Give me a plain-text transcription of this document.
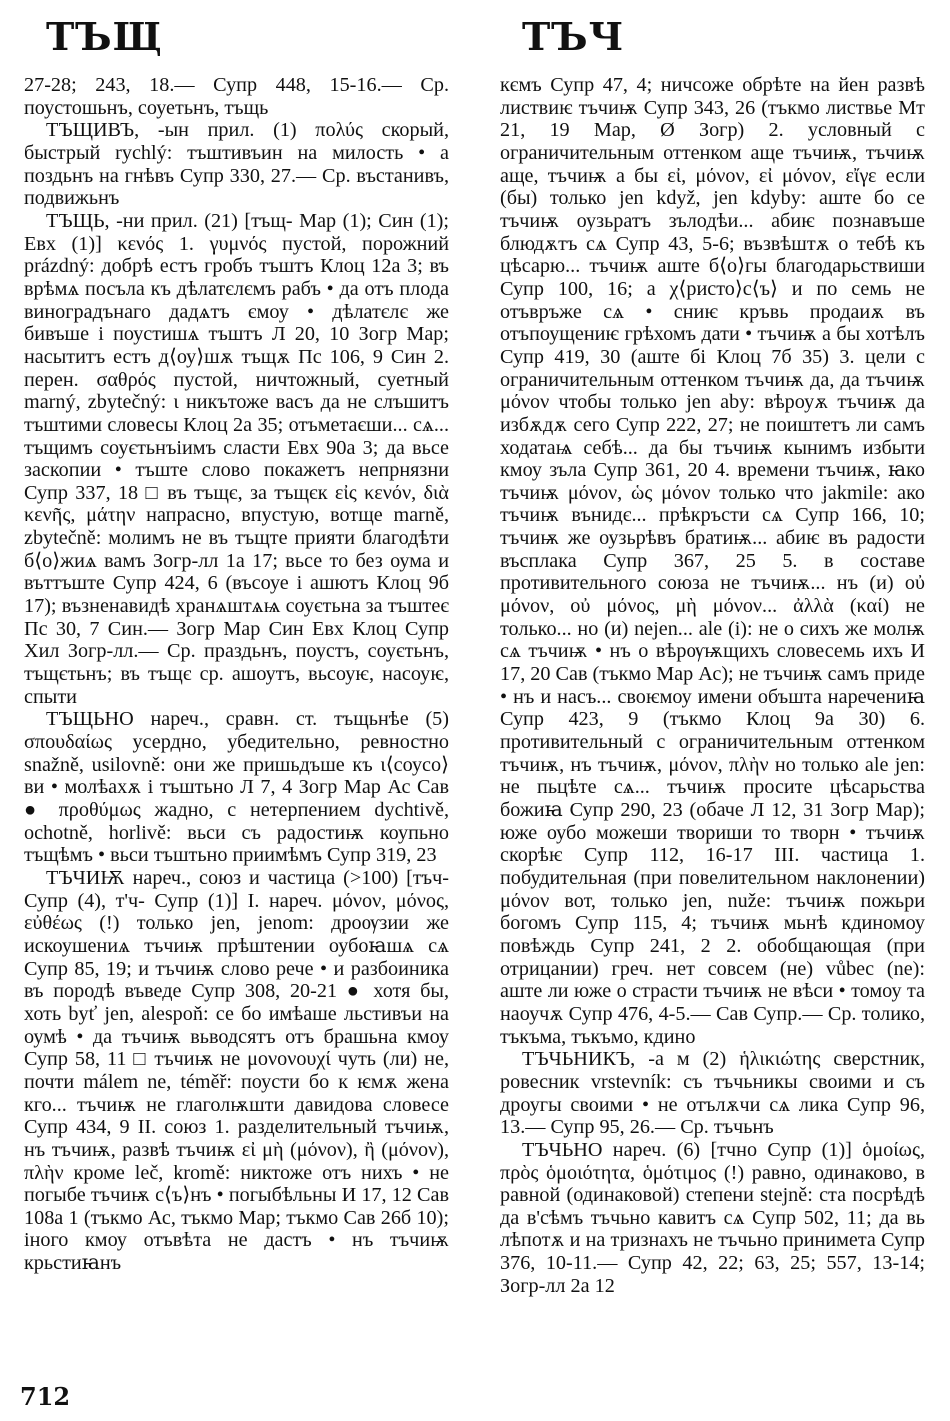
ТЪЩ	ТЪЧ

27-28; 243, 18.— Супр 448, 15-16.— Ср. поустошьнъ, соуетьнъ, тъщь

ТЪЩИВЪ, -ын прил. (1) πολύς скорый, быстрый rychlý: тъштивъин на милость • а поздьнъ на гнѣвъ Супр 330, 27.— Ср. въстанивъ, подвижьнъ

ТЪЩЬ, -ни прил. (21) [тъщ- Мар (1); Син (1); Евх (1)] κενός 1. γυμνός пустой, порожний prázdný: добрѣ естъ гробъ тъштъ Клоц 12а 3; въ врѣмѧ посъла къ дѣлатєлємъ рабъ • да отъ плода виноградънаго дадѧтъ ємоу • дѣлатєлє же бивъше і поустишѧ тъштъ Л 20, 10 Зогр Мар; насытитъ естъ д⟨оу⟩шѫ тъщѫ Пс 106, 9 Син 2. перен. σαθρός пустой, ничтожный, суетный marný, zbytečný: ι никътоже васъ да не слъшитъ тъштими словесы Клоц 2а 35; отъметаєши... сѧ... тъщимъ соуєтьнъіимъ сласти Евх 90а 3; да вьсе заскопии • тъште слово покажетъ непрнязни Супр 337, 18 □ въ тъщє, за тъщєк εἰς κενόν, διὰ κενῆς, μάτην напрасно, впустую, вотще marně, zbytečně: молимъ не въ тъщте прияти благодѣти б⟨о⟩жиѧ вамъ Зогр-лл 1а 17; вьсе то без оума и въттъште Супр 424, 6 (въсоуе і ашютъ Клоц 9б 17); възненавидѣ хранѧштѧѩ соуєтьна за тъштеє Пс 30, 7 Син.— Зогр Мар Син Евх Клоц Супр Хил Зогр-лл.— Ср. праздьнъ, поустъ, соуєтьнъ, тъщєтьнъ; въ тъщє ср. ашоутъ, вьсоуѥ, насоуѥ, спыти

ТЪЩЬНО нареч., сравн. ст. тъщьнѣе (5) σπουδαίως усердно, убедительно, ревностно snažně, usilovně: они же пришьдъше къ ι⟨соусо⟩ви • молѣахѫ і тъштьно Л 7, 4 Зогр Мар Ас Сав ● προθύμως жадно, с нетерпением dychtivě, ochotně, horlivě: вьси съ радостиѭ коупьно тъщѣмъ • вьси тъштьно приимѣмъ Супр 319, 23

ТЪЧИѬ нареч., союз и частица (>100) [тъч- Супр (4), т'ч- Супр (1)] I. нареч. μόνον, μόνος, εὐθέως (!) только jen, jenom: дроѹзии же искоушениѧ тъчиѭ прѣштении оубоꙗшѧ сѧ Супр 85, 19; и тъчиѭ слово рече • и разбоиника въ породѣ въведе Супр 308, 20-21 ● хотя бы, хоть byť jen, alespoň: се бо имѣаше льстивъи на оумѣ • да тъчиѭ вьводсятъ отъ брашьна кмоу Супр 58, 11 □ тъчиѭ не μονονουχί чуть (ли) не, почти málem ne, téměř: поусти бо к ѥмѫ жена кго... тъчиѭ не глаголѭшти давидова словесе Супр 434, 9 II. союз 1. разделительный тъчиѭ, нъ тъчиѭ, развѣ тъчиѭ εἰ μὴ (μόνον), ἢ (μόνον), πλὴν кроме leč, kromě: никтоже отъ нихъ • не погыбе тъчиѭ с⟨ъ⟩нъ • погыбѣльны И 17, 12 Сав 108а 1 (тъкмо Ас, тъкмо Мар; тъкмо Сав 26б 10); іного кмоу отъвѣта не дастъ • нъ тъчиѭ крьстиꙗнъ

кємъ Супр 47, 4; ничсоже обрѣте на йен развѣ листвиѥ тъчиѭ Супр 343, 26 (тъкмо листвье Мт 21, 19 Мар, Ø Зогр) 2. условный с ограничительным оттенком аще тъчиѭ, тъчиѭ аще, тъчиѭ а бы εἰ, μόνον, εἰ μόνον, εἴγε если (бы) только jen když, jen kdyby: аште бо се тъчиѭ оузьратъ зълодѣи... абиѥ познавъше блюдѫтъ сѧ Супр 43, 5-6; възвѣштѫ о тебѣ къ цѣсарю... тъчиѭ аште б⟨о⟩гы благодарьствиши Супр 100, 16; а χ⟨ристо⟩с⟨ъ⟩ и по семь не отъвръже сѧ • сниѥ кръвь продаиѫ въ отъпоущениѥ грѣхомъ дати • тъчиѭ а бы хотѣлъ Супр 419, 30 (аште бі Клоц 7б 35) 3. цели с ограничительным оттенком тъчиѭ да, да тъчиѭ μόνον чтобы только jen aby: вѣроуѫ тъчиѭ да избѫдѫ сего Супр 222, 27; не поиштетъ ли самъ ходатаѩ себѣ... да бы тъчиѭ кынимъ избыти кмоу зъла Супр 361, 20 4. времени тъчиѭ, ꙗко тъчиѭ μόνον, ὡς μόνον только что jakmile: ако тъчиѭ вънидє... прѣкръсти сѧ Супр 166, 10; тъчиѭ же оузьрѣвъ братиѭ... абиѥ въ радости въсплака Супр 367, 25 5. в составе противительного союза не тъчиѭ... нъ (и) οὐ μόνον, οὐ μόνος, μὴ μόνον... ἀλλὰ (καί) не только... но (и) nejen... ale (i): не о сихъ же молѭ сѧ тъчиѭ • нъ о вѣрѹѭщихъ словесемь ихъ И 17, 20 Сав (тъкмо Мар Ас); не тъчиѭ самъ приде • нъ и насъ... своѥмоу имени объшта наречениꙗ Супр 423, 9 (тъкмо Клоц 9а 30) 6. противительный с ограничительным оттенком тъчиѭ, нъ тъчиѭ, μόνον, πλὴν но только ale jen: не пьцѣте сѧ... тъчиѭ просите цѣсарьства божиꙗ Супр 290, 23 (обаче Л 12, 31 Зогр Мар); юже оубо можеши твориши то творн • тъчиѭ скорѣѥ Супр 112, 16-17 III. частица 1. побудительная (при повелительном наклонении) μόνον вот, только jen, nuže: тъчиѭ пожьри богомъ Супр 115, 4; тъчиѭ мьнѣ кдиномоу повѣждь Супр 241, 2 2. обобщающая (при отрицании) греч. нет совсем (не) vůbec (ne): аште ли юже о страсти тъчиѭ не вѣси • томоу та наоучѫ Супр 476, 4-5.— Сав Супр.— Ср. толико, тъкъма, тъкъмо, кдино

ТЪЧЬНИКЪ, -а м (2) ἡλικιώτης сверстник, ровесник vrstevník: съ тъчьникы своими и съ дроугы своими • не отълѫчи сѧ лика Супр 96, 13.— Супр 95, 26.— Ср. тъчьнъ

ТЪЧЬНО нареч. (6) [тчно Супр (1)] ὁμοίως, πρὸς ὁμοιότητα, ὁμότιμος (!) равно, одинаково, в равной (одинаковой) степени stejně: ста посрѣдѣ да в'сѣмъ тъчьно кавитъ сѧ Супр 502, 11; да вь лѣпотѫ и на тризнахъ не тъчьно принимета Супр 376, 10-11.— Супр 42, 22; 63, 25; 557, 13-14; Зогр-лл 2а 12

712
